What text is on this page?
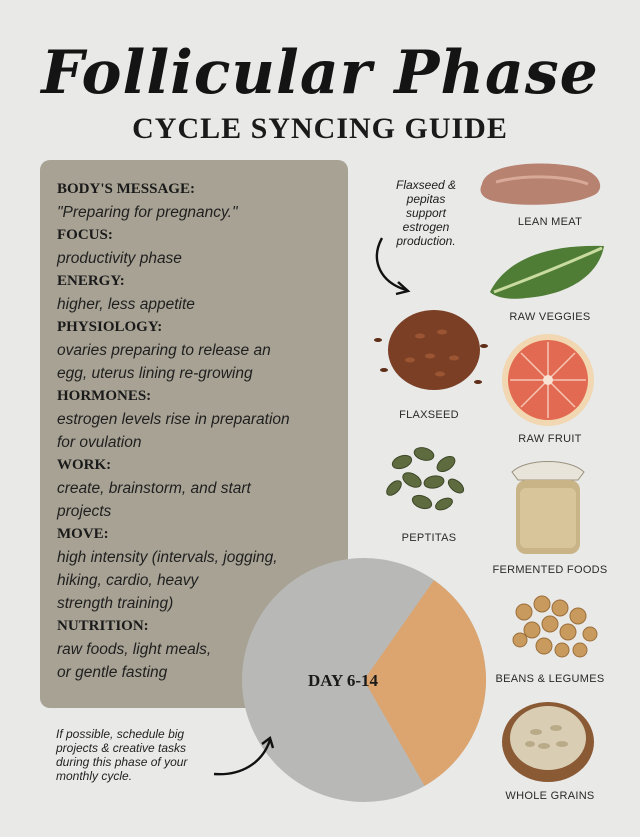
Follicular Phase
CYCLE SYNCING GUIDE
BODY'S MESSAGE:
"Preparing for pregnancy."
FOCUS:
productivity phase
ENERGY:
higher, less appetite
PHYSIOLOGY:
ovaries preparing to release an
egg, uterus lining re-growing
HORMONES:
estrogen levels rise in preparation
for ovulation
WORK:
create, brainstorm, and start
projects
MOVE:
high intensity (intervals, jogging,
hiking, cardio, heavy
strength training)
NUTRITION:
raw foods, light meals,
or gentle fasting	DAY 6-14
If possible, schedule big
projects & creative tasks
during this phase of your
monthly cycle.
Flaxseed &
pepitas
support
estrogen
production.
LEAN MEAT
RAW VEGGIES
RAW FRUIT
FERMENTED FOODS
BEANS & LEGUMES
WHOLE GRAINS
FLAXSEED
PEPTITAS
